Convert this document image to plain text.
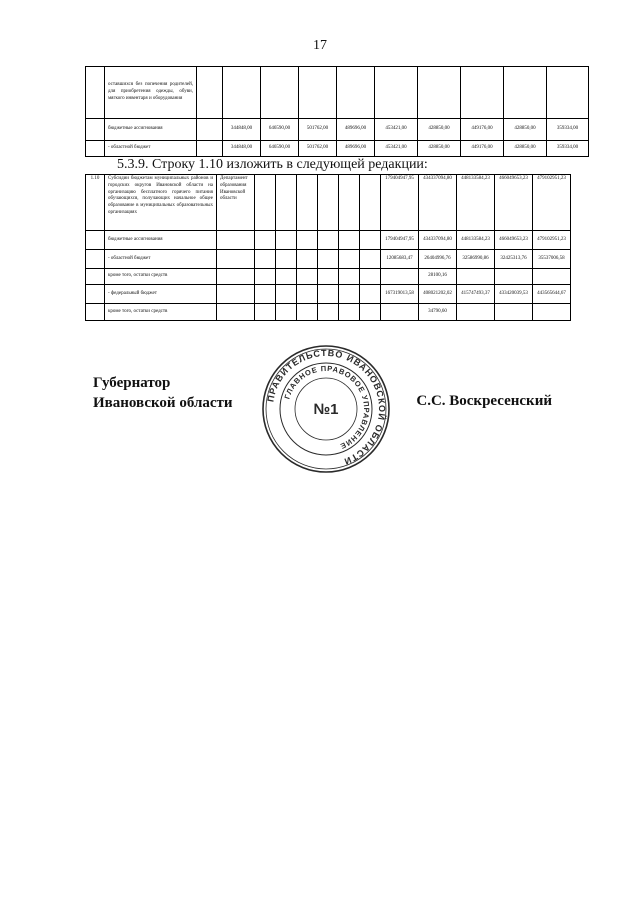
17
	оставшихся без попечения родителей, для приобретения одежды, обуви, мягкого инвентаря и оборудования										
	бюджетные ассигнования		344848,00	646590,00	501762,00	489696,00	453421,00	428850,00	449176,00	428850,00	359334,00
	- областной бюджет		344848,00	646590,00	501762,00	489696,00	453421,00	428850,00	449176,00	428850,00	359334,00
5.3.9. Строку 1.10 изложить в следующей редакции:
1.10	Субсидии бюджетам муниципальных районов и городских округов Ивановской области на организацию бесплатного горячего питания обучающихся, получающих начальное общее образование в муниципальных образовательных организациях	Департамент образования Ивановской области							179404947,95	434337094,80	448133584,23	466049653,23	479102951,23
	бюджетные ассигнования								179404947,95	434337094,80	448133584,23	466049653,23	479102951,23
	- областной бюджет								12085683,47	26404996,76	32586990,86	32425313,76	35537006,58
	кроме того, остатки средств									28100,16			
	- федеральный бюджет								167319013,58	408021202,02	415747493,37	433420039,53	443565644,67
	кроме того, остатки средств									34790,60			
Губернатор
Ивановской области	ПРАВИТЕЛЬСТВО ИВАНОВСКОЙ ОБЛАСТИ
ГЛАВНОЕ ПРАВОВОЕ УПРАВЛЕНИЕ
№1	С.С. Воскресенский
